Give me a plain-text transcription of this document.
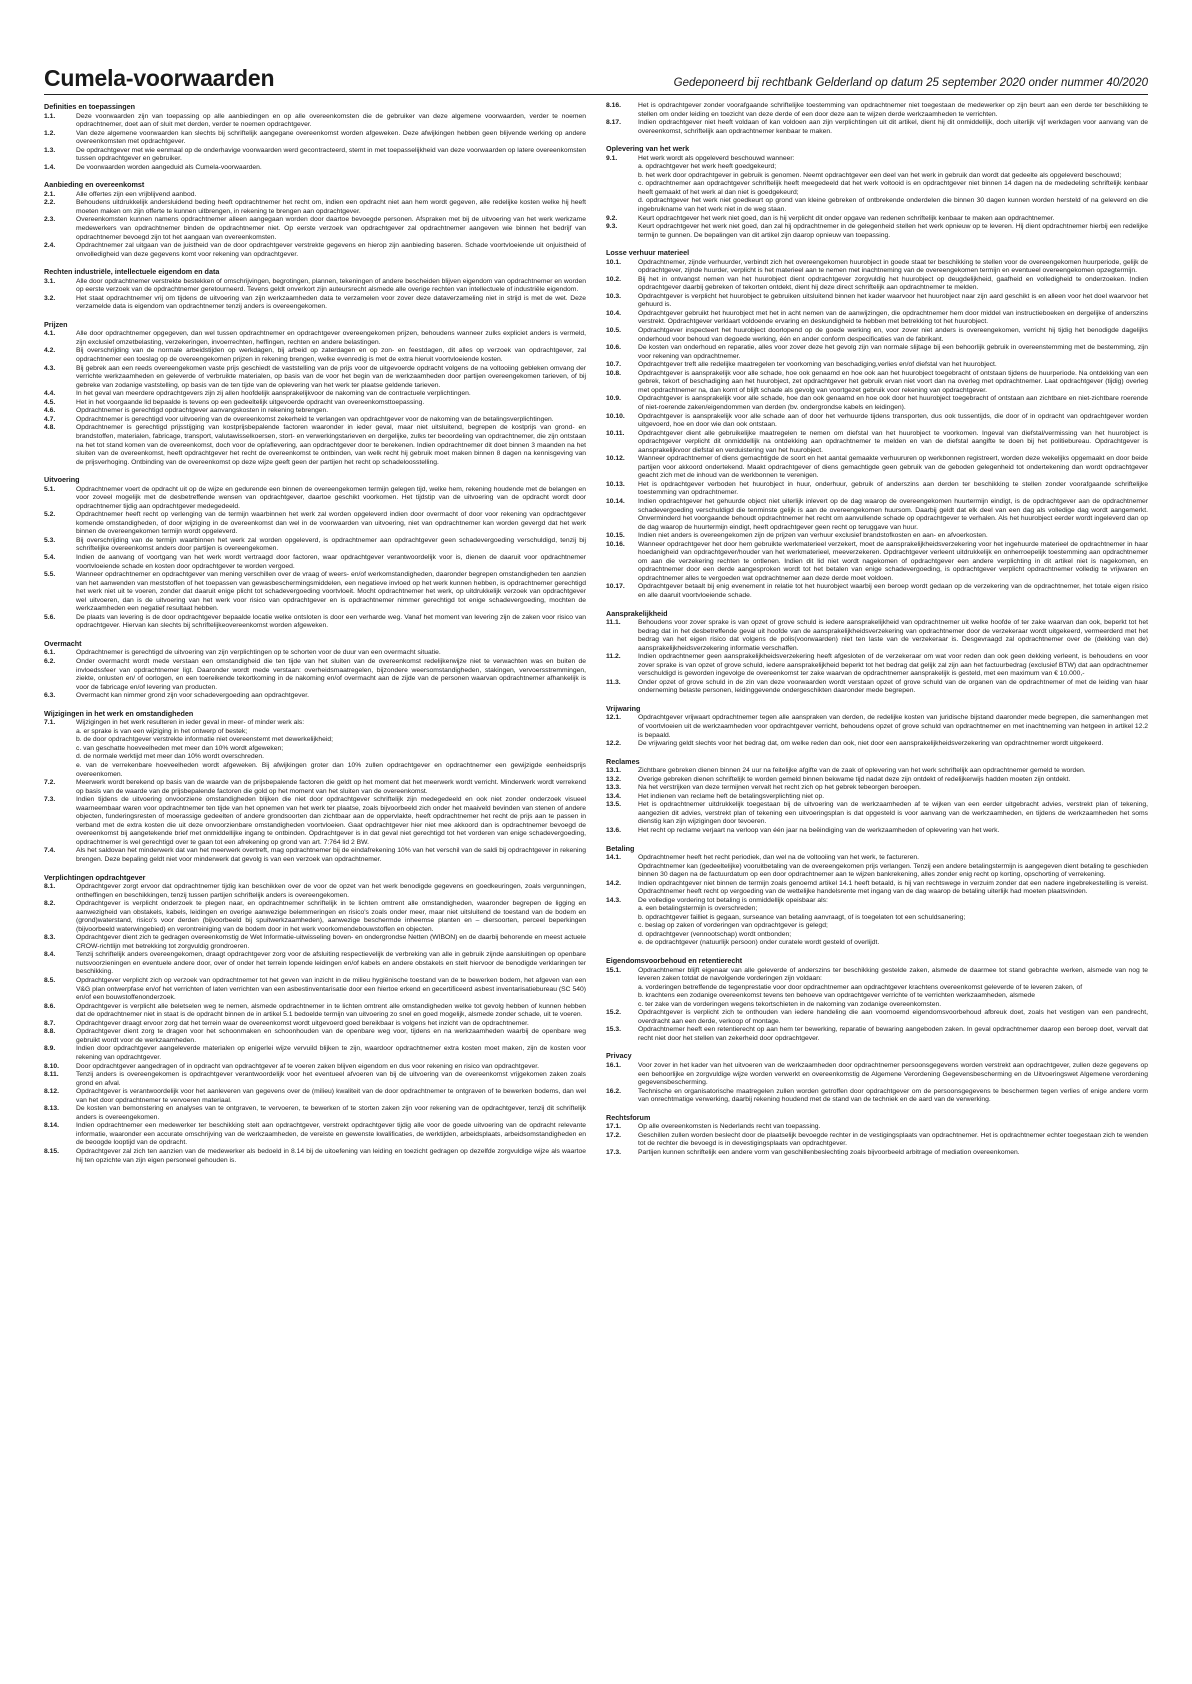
Cumela-voorwaarden	Gedeponeerd bij rechtbank Gelderland op datum 25 september 2020 onder nummer 40/2020
Definities en toepassingen
1.1.	Deze voorwaarden zijn van toepassing op alle aanbiedingen en op alle overeenkomsten die de gebruiker van deze algemene voorwaarden, verder te noemen opdrachtnemer, doet aan of sluit met derden, verder te noemen opdrachtgever.
1.2.	Van deze algemene voorwaarden kan slechts bij schriftelijk aangegane overeenkomst worden afgeweken. Deze afwijkingen hebben geen blijvende werking op andere overeenkomsten met opdrachtgever.
1.3.	De opdrachtgever met wie eenmaal op de onderhavige voorwaarden werd gecontracteerd, stemt in met toepasselijkheid van deze voorwaarden op latere overeenkomsten tussen opdrachtgever en gebruiker.
1.4.	De voorwaarden worden aangeduid als Cumela-voorwaarden.
Aanbieding en overeenkomst
2.1.	Alle offertes zijn een vrijblijvend aanbod.
2.2.	Behoudens uitdrukkelijk andersluidend beding heeft opdrachtnemer het recht om, indien een opdracht niet aan hem wordt gegeven, alle redelijke kosten welke hij heeft moeten maken om zijn offerte te kunnen uitbrengen, in rekening te brengen aan opdrachtgever.
2.3.	Overeenkomsten kunnen namens opdrachtnemer alleen aangegaan worden door daartoe bevoegde personen. Afspraken met bij de uitvoering van het werk werkzame medewerkers van opdrachtnemer binden de opdrachtnemer niet. Op eerste verzoek van opdrachtgever zal opdrachtnemer aangeven wie binnen het bedrijf van opdrachtnemer bevoegd zijn tot het aangaan van overeenkomsten.
2.4.	Opdrachtnemer zal uitgaan van de juistheid van de door opdrachtgever verstrekte gegevens en hierop zijn aanbieding baseren. Schade voortvloeiende uit onjuistheid of onvolledigheid van deze gegevens komt voor rekening van opdrachtgever.
Rechten industriële, intellectuele eigendom en data
3.1.	Alle door opdrachtnemer verstrekte bestekken of omschrijvingen, begrotingen, plannen, tekeningen of andere bescheiden blijven eigendom van opdrachtnemer en worden op eerste verzoek van de opdrachtnemer geretourneerd. Tevens geldt onverkort zijn auteursrecht alsmede alle overige rechten van intellectuele of industriële eigendom.
3.2.	Het staat opdrachtnemer vrij om tijdens de uitvoering van zijn werkzaamheden data te verzamelen voor zover deze dataverzameling niet in strijd is met de wet. Deze verzamelde data is eigendom van opdrachtnemer tenzij anders is overeengekomen.
Prijzen
4.1.	Alle door opdrachtnemer opgegeven, dan wel tussen opdrachtnemer en opdrachtgever overeengekomen prijzen, behoudens wanneer zulks expliciet anders is vermeld, zijn exclusief omzetbelasting, verzekeringen, invoerrechten, heffingen, rechten en andere belastingen.
4.2.	Bij overschrijding van de normale arbeidstijden op werkdagen, bij arbeid op zaterdagen en op zon- en feestdagen, dit alles op verzoek van opdrachtgever, zal opdrachtnemer een toeslag op de overeengekomen prijzen in rekening brengen, welke evenredig is met de extra hieruit voortvloeiende kosten.
4.3.	Bij gebrek aan een reeds overeengekomen vaste prijs geschiedt de vaststelling van de prijs voor de uitgevoerde opdracht volgens de na voltooiing gebleken omvang der verrichte werkzaamheden en geleverde of verbruikte materialen, op basis van de voor het begin van de werkzaamheden door partijen overeengekomen tarieven, of bij gebreke van zodanige vaststelling, op basis van de ten tijde van de oplevering van het werk ter plaatse geldende tarieven.
4.4.	In het geval van meerdere opdrachtgevers zijn zij allen hoofdelijk aansprakelijkvoor de nakoming van de contractuele verplichtingen.
4.5.	Het in het voorgaande lid bepaalde is tevens op een gedeeltelijk uitgevoerde opdracht van overeenkomsttoepassing.
4.6.	Opdrachtnemer is gerechtigd opdrachtgever aanvangskosten in rekening tebrengen.
4.7.	Opdrachtnemer is gerechtigd voor uitvoering van de overeenkomst zekerheid te verlangen van opdrachtgever voor de nakoming van de betalingsverplichtingen.
4.8.	Opdrachtnemer is gerechtigd prijsstijging van kostprijsbepalende factoren waaronder in ieder geval, maar niet uitsluitend, begrepen de kostprijs van grond- en brandstoffen, materialen, fabricage, transport, valutawisselkoersen, stort- en verwerkingstarieven en dergelijke, zulks ter beoordeling van opdrachtnemer, die zijn ontstaan na het tot stand komen van de overeenkomst, doch voor de op/aflevering, aan opdrachtgever door te berekenen. Indien opdrachtnemer dit doet binnen 3 maanden na het sluiten van de overeenkomst, heeft opdrachtgever het recht de overeenkomst te ontbinden, van welk recht hij gebruik moet maken binnen 8 dagen na kennisgeving van de prijsverhoging. Ontbinding van de overeenkomst op deze wijze geeft geen der partijen het recht op schadeloosstelling.
Uitvoering
5.1.	Opdrachtnemer voert de opdracht uit op de wijze en gedurende een binnen de overeengekomen termijn gelegen tijd, welke hem, rekening houdende met de belangen en voor zoveel mogelijk met de desbetreffende wensen van opdrachtgever, daartoe geschikt voorkomen. Het tijdstip van de uitvoering van de opdracht wordt door opdrachtnemer tijdig aan opdrachtgever medegedeeld.
5.2.	Opdrachtnemer heeft recht op verlenging van de termijn waarbinnen het werk zal worden opgeleverd indien door overmacht of door voor rekening van opdrachtgever komende omstandigheden, of door wijziging in de overeenkomst dan wel in de voorwaarden van uitvoering, niet van opdrachtnemer kan worden gevergd dat het werk binnen de overeengekomen termijn wordt opgeleverd.
5.3.	Bij overschrijding van de termijn waarbinnen het werk zal worden opgeleverd, is opdrachtnemer aan opdrachtgever geen schadevergoeding verschuldigd, tenzij bij schriftelijke overeenkomst anders door partijen is overeengekomen.
5.4.	Indien de aanvang of voortgang van het werk wordt vertraagd door factoren, waar opdrachtgever verantwoordelijk voor is, dienen de daaruit voor opdrachtnemer voortvloeiende schade en kosten door opdrachtgever te worden vergoed.
5.5.	Wanneer opdrachtnemer en opdrachtgever van mening verschillen over de vraag of weers- en/of werkomstandigheden, daaronder begrepen omstandigheden ten aanzien van het aanwenden van meststoffen of het toepassen van gewasbeschermingsmiddelen, een negatieve invloed op het werk kunnen hebben, is opdrachtnemer gerechtigd het werk niet uit te voeren, zonder dat daaruit enige plicht tot schadevergoeding voortvloeit. Mocht opdrachtnemer het werk, op uitdrukkelijk verzoek van opdrachtgever wel uitvoeren, dan is de uitvoering van het werk voor risico van opdrachtgever en is opdrachtnemer nimmer gerechtigd tot enige schadevergoeding, mochten de werkzaamheden een negatief resultaat hebben.
5.6.	De plaats van levering is de door opdrachtgever bepaalde locatie welke ontsloten is door een verharde weg. Vanaf het moment van levering zijn de zaken voor risico van opdrachtgever. Hiervan kan slechts bij schriftelijkeovereenkomst worden afgeweken.
Overmacht
6.1.	Opdrachtnemer is gerechtigd de uitvoering van zijn verplichtingen op te schorten voor de duur van een overmacht situatie.
6.2.	Onder overmacht wordt mede verstaan een omstandigheid die ten tijde van het sluiten van de overeenkomst redelijkerwijze niet te verwachten was en buiten de invloedssfeer van opdrachtnemer ligt. Daaronder wordt mede verstaan: overheidsmaatregelen, bijzondere weersomstandigheden, stakingen, vervoersstremmingen, ziekte, onlusten en/ of oorlogen, en een toereikende tekortkoming in de nakoming en/of overmacht aan de zijde van de personen waarvan opdrachtnemer afhankelijk is voor de fabricage en/of levering van producten.
6.3.	Overmacht kan nimmer grond zijn voor schadevergoeding aan opdrachtgever.
Wijzigingen in het werk en omstandigheden
7.1.	Wijzigingen in het werk resulteren in ieder geval in meer- of minder werk als:
a. er sprake is van een wijziging in het ontwerp of bestek;
b. de door opdrachtgever verstrekte informatie niet overeenstemt met dewerkelijkheid;
c. van geschatte hoeveelheden met meer dan 10% wordt afgeweken;
d. de normale werktijd met meer dan 10% wordt overschreden.
e. van de verrekenbare hoeveelheden wordt afgeweken. Bij afwijkingen groter dan 10% zullen opdrachtgever en opdrachtnemer een gewijzigde eenheidsprijs overeenkomen.
7.2.	Meerwerk wordt berekend op basis van de waarde van de prijsbepalende factoren die geldt op het moment dat het meerwerk wordt verricht. Minderwerk wordt verrekend op basis van de waarde van de prijsbepalende factoren die gold op het moment van het sluiten van de overeenkomst.
7.3.	Indien tijdens de uitvoering onvoorziene omstandigheden blijken die niet door opdrachtgever schriftelijk zijn medegedeeld en ook niet zonder onderzoek visueel waarneembaar waren voor opdrachtnemer ten tijde van het opnemen van het werk ter plaatse, zoals bijvoorbeeld zich onder het maaiveld bevinden van stenen of andere objecten, funderingsresten of moerassige gedeelten of andere grondsoorten dan zichtbaar aan de oppervlakte, heeft opdrachtnemer het recht de prijs aan te passen in verband met de extra kosten die uit deze onvoorzienbare omstandigheden voortvloeien. Gaat opdrachtgever hier niet mee akkoord dan is opdrachtnemer bevoegd de overeenkomst bij aangetekende brief met onmiddellijke ingang te ontbinden. Opdrachtgever is in dat geval niet gerechtigd tot het vorderen van enige schadevergoeding, opdrachtnemer is wel gerechtigd over te gaan tot een afrekening op grond van art. 7:764 lid 2 BW.
7.4.	Als het saldovan het minderwerk dat van het meerwerk overtreft, mag opdrachtnemer bij de eindafrekening 10% van het verschil van de saldi bij opdrachtgever in rekening brengen. Deze bepaling geldt niet voor minderwerk dat gevolg is van een verzoek van opdrachtnemer.
Verplichtingen opdrachtgever
8.1.	Opdrachtgever zorgt ervoor dat opdrachtnemer tijdig kan beschikken over de voor de opzet van het werk benodigde gegevens en goedkeuringen, zoals vergunningen, ontheffingen en beschikkingen, tenzij tussen partijen schriftelijk anders is overeengekomen.
8.2.	Opdrachtgever is verplicht onderzoek te plegen naar, en opdrachtnemer schriftelijk in te lichten omtrent alle omstandigheden, waaronder begrepen de ligging en aanwezigheid van obstakels, kabels, leidingen en overige aanwezige belemmeringen en risico's zoals onder meer, maar niet uitsluitend de toestand van de bodem en (grond)waterstand, risico's voor derden (bijvoorbeeld bij spuitwerkzaamheden), aanwezige beschermde inheemse planten en – diersoorten, perceel beperkingen (bijvoorbeeld waterwingebied) en verontreiniging van de bodem door in het werk voorkomendebouwstoffen en objecten.
8.3.	Opdrachtgever dient zich te gedragen overeenkomstig de Wet Informatie-uitwisseling boven- en ondergrondse Netten (WIBON) en de daarbij behorende en meest actuele CROW-richtlijn met betrekking tot zorgvuldig grondroeren.
8.4.	Tenzij schriftelijk anders overeengekomen, draagt opdrachtgever zorg voor de afsluiting respectievelijk de verbreking van alle in gebruik zijnde aansluitingen op openbare nutsvoorzieningen en eventuele andere door, over of onder het terrein lopende leidingen en/of kabels en andere obstakels en stelt hiervoor de benodigde verklaringen ter beschikking.
8.5.	Opdrachtgever verplicht zich op verzoek van opdrachtnemer tot het geven van inzicht in de milieu hygiënische toestand van de te bewerken bodem, het afgeven van een V&G plan ontwerpfase en/of het verrichten of laten verrichten van een asbestinventarisatie door een hiertoe erkend en gecertificeerd asbest inventarisatiebureau (SC 540) en/of een bouwstoffenonderzoek.
8.6.	Opdrachtgever is verplicht alle beletselen weg te nemen, alsmede opdrachtnemer in te lichten omtrent alle omstandigheden welke tot gevolg hebben of kunnen hebben dat de opdrachtnemer niet in staat is de opdracht binnen de in artikel 5.1 bedoelde termijn van uitvoering zo snel en goed mogelijk, alsmede zonder schade, uit te voeren.
8.7.	Opdrachtgever draagt ervoor zorg dat het terrein waar de overeenkomst wordt uitgevoerd goed bereikbaar is volgens het inzicht van de opdrachtnemer.
8.8.	Opdrachtgever dient zorg te dragen voor het schoonmaken en schoonhouden van de openbare weg voor, tijdens en na werkzaamheden waarbij de openbare weg gebruikt wordt voor de werkzaamheden.
8.9.	Indien door opdrachtgever aangeleverde materialen op enigerlei wijze vervuild blijken te zijn, waardoor opdrachtnemer extra kosten moet maken, zijn de kosten voor rekening van opdrachtgever.
8.10.	Door opdrachtgever aangedragen of in opdracht van opdrachtgever af te voeren zaken blijven eigendom en dus voor rekening en risico van opdrachtgever.
8.11.	Tenzij anders is overeengekomen is opdrachtgever verantwoordelijk voor het eventueel afvoeren van bij de uitvoering van de overeenkomst vrijgekomen zaken zoals grond en afval.
8.12.	Opdrachtgever is verantwoordelijk voor het aanleveren van gegevens over de (milieu) kwaliteit van de door opdrachtnemer te ontgraven of te bewerken bodems, dan wel van het door opdrachtnemer te vervoeren materiaal.
8.13.	De kosten van bemonstering en analyses van te ontgraven, te vervoeren, te bewerken of te storten zaken zijn voor rekening van de opdrachtgever, tenzij dit schriftelijk anders is overeengekomen.
8.14.	Indien opdrachtnemer een medewerker ter beschikking stelt aan opdrachtgever, verstrekt opdrachtgever tijdig alle voor de goede uitvoering van de opdracht relevante informatie, waaronder een accurate omschrijving van de werkzaamheden, de vereiste en gewenste kwalificaties, de werktijden, arbeidsplaats, arbeidsomstandigheden en de beoogde looptijd van de opdracht.
8.15.	Opdrachtgever zal zich ten aanzien van de medewerker als bedoeld in 8.14 bij de uitoefening van leiding en toezicht gedragen op dezelfde zorgvuldige wijze als waartoe hij ten opzichte van zijn eigen personeel gehouden is.
8.16.	Het is opdrachtgever zonder voorafgaande schriftelijke toestemming van opdrachtnemer niet toegestaan de medewerker op zijn beurt aan een derde ter beschikking te stellen om onder leiding en toezicht van deze derde of een door deze aan te wijzen derde werkzaamheden te verrichten.
8.17.	Indien opdrachtgever niet heeft voldaan of kan voldoen aan zijn verplichtingen uit dit artikel, dient hij dit onmiddellijk, doch uiterlijk vijf werkdagen voor aanvang van de overeenkomst, schriftelijk aan opdrachtnemer kenbaar te maken.
Oplevering van het werk
9.1.	Het werk wordt als opgeleverd beschouwd wanneer:
a. opdrachtgever het werk heeft goedgekeurd;
b. het werk door opdrachtgever in gebruik is genomen. Neemt opdrachtgever een deel van het werk in gebruik dan wordt dat gedeelte als opgeleverd beschouwd;
c. opdrachtnemer aan opdrachtgever schriftelijk heeft meegedeeld dat het werk voltooid is en opdrachtgever niet binnen 14 dagen na de mededeling schriftelijk kenbaar heeft gemaakt of het werk al dan niet is goedgekeurd;
d. opdrachtgever het werk niet goedkeurt op grond van kleine gebreken of ontbrekende onderdelen die binnen 30 dagen kunnen worden hersteld of na geleverd en die ingebruikname van het werk niet in de weg staan.
9.2.	Keurt opdrachtgever het werk niet goed, dan is hij verplicht dit onder opgave van redenen schriftelijk kenbaar te maken aan opdrachtnemer.
9.3.	Keurt opdrachtgever het werk niet goed, dan zal hij opdrachtnemer in de gelegenheid stellen het werk opnieuw op te leveren. Hij dient opdrachtnemer hierbij een redelijke termijn te gunnen. De bepalingen van dit artikel zijn daarop opnieuw van toepassing.
Losse verhuur materieel
10.1.	Opdrachtnemer, zijnde verhuurder, verbindt zich het overeengekomen huurobject in goede staat ter beschikking te stellen voor de overeengekomen huurperiode, gelijk de opdrachtgever, zijnde huurder, verplicht is het materieel aan te nemen met inachtneming van de overeengekomen termijn en eventueel overeengekomen opzegtermijn.
10.2.	Bij het in ontvangst nemen van het huurobject dient opdrachtgever zorgvuldig het huurobject op deugdelijkheid, gaafheid en volledigheid te onderzoeken. Indien opdrachtgever daarbij gebreken of tekorten ontdekt, dient hij deze direct schriftelijk aan opdrachtnemer te melden.
10.3.	Opdrachtgever is verplicht het huurobject te gebruiken uitsluitend binnen het kader waarvoor het huurobject naar zijn aard geschikt is en alleen voor het doel waarvoor het gehuurd is.
10.4.	Opdrachtgever gebruikt het huurobject met het in acht nemen van de aanwijzingen, die opdrachtnemer hem door middel van instructieboeken en dergelijke of anderszins verstrekt. Opdrachtgever verklaart voldoende ervaring en deskundigheid te hebben met betrekking tot het huurobject.
10.5.	Opdrachtgever inspecteert het huurobject doorlopend op de goede werking en, voor zover niet anders is overeengekomen, verricht hij tijdig het benodigde dagelijks onderhoud voor behoud van degoede werking, één en ander conform despecificaties van de fabrikant.
10.6.	De kosten van onderhoud en reparatie, alles voor zover deze het gevolg zijn van normale slijtage bij een behoorlijk gebruik in overeenstemming met de bestemming, zijn voor rekening van opdrachtnemer.
10.7.	Opdrachtgever treft alle redelijke maatregelen ter voorkoming van beschadiging,verlies en/of diefstal van het huurobject.
10.8.	Opdrachtgever is aansprakelijk voor alle schade, hoe ook genaamd en hoe ook aan het huurobject toegebracht of ontstaan tijdens de huurperiode. Na ontdekking van een gebrek, tekort of beschadiging aan het huurobject, zet opdrachtgever het gebruik ervan niet voort dan na overleg met opdrachtnemer. Laat opdrachtgever (tijdig) overleg met opdrachtnemer na, dan komt of blijft schade als gevolg van voortgezet gebruik voor rekening van opdrachtgever.
10.9.	Opdrachtgever is aansprakelijk voor alle schade, hoe dan ook genaamd en hoe ook door het huurobject toegebracht of ontstaan aan zichtbare en niet-zichtbare roerende of niet-roerende zaken/eigendommen van derden (bv. ondergrondse kabels en leidingen).
10.10.	Opdrachtgever is aansprakelijk voor alle schade aan of door het verhuurde tijdens transporten, dus ook tussentijds, die door of in opdracht van opdrachtgever worden uitgevoerd, hoe en door wie dan ook ontstaan.
10.11.	Opdrachtgever dient alle gebruikelijke maatregelen te nemen om diefstal van het huurobject te voorkomen. Ingeval van diefstal/vermissing van het huurobject is opdrachtgever verplicht dit onmiddellijk na ontdekking aan opdrachtnemer te melden en van de diefstal aangifte te doen bij het politiebureau. Opdrachtgever is aansprakelijkvoor diefstal en verduistering van het huurobject.
10.12.	Wanneer opdrachtnemer of diens gemachtigde de soort en het aantal gemaakte verhuururen op werkbonnen registreert, worden deze wekelijks opgemaakt en door beide partijen voor akkoord ondertekend. Maakt opdrachtgever of diens gemachtigde geen gebruik van de geboden gelegenheid tot ondertekening dan wordt opdrachtgever geacht zich met de inhoud van de werkbonnen te verenigen.
10.13.	Het is opdrachtgever verboden het huurobject in huur, onderhuur, gebruik of anderszins aan derden ter beschikking te stellen zonder voorafgaande schriftelijke toestemming van opdrachtnemer.
10.14.	Indien opdrachtgever het gehuurde object niet uiterlijk inlevert op de dag waarop de overeengekomen huurtermijn eindigt, is de opdrachtgever aan de opdrachtnemer schadevergoeding verschuldigd die tenminste gelijk is aan de overeengekomen huursom. Daarbij geldt dat elk deel van een dag als volledige dag wordt aangemerkt. Onverminderd het voorgaande behoudt opdrachtnemer het recht om aanvullende schade op opdrachtgever te verhalen. Als het huurobject eerder wordt ingeleverd dan op de dag waarop de huurtermijn eindigt, heeft opdrachtgever geen recht op teruggave van huur.
10.15.	Indien niet anders is overeengekomen zijn de prijzen van verhuur exclusief brandstofkosten en aan- en afvoerkosten.
10.16.	Wanneer opdrachtgever het door hem gebruikte werkmaterieel verzekert, moet de aansprakelijkheidsverzekering voor het ingehuurde materieel de opdrachtnemer in haar hoedanigheid van opdrachtgever/houder van het werkmaterieel, meeverzekeren. Opdrachtgever verleent uitdrukkelijk en onherroepelijk toestemming aan opdrachtnemer om aan die verzekering rechten te ontlenen. Indien dit lid niet wordt nagekomen of opdrachtgever een andere verplichting in dit artikel niet is nagekomen, en opdrachtnemer door een derde aangesproken wordt tot het betalen van enige schadevergoeding, is opdrachtgever verplicht opdrachtnemer volledig te vrijwaren en opdrachtnemer alles te vergoeden wat opdrachtnemer aan deze derde moet voldoen.
10.17.	Opdrachtgever betaalt bij enig evenement in relatie tot het huurobject waarbij een beroep wordt gedaan op de verzekering van de opdrachtnemer, het totale eigen risico en alle daaruit voortvloeiende schade.
Aansprakelijkheid
11.1.	Behoudens voor zover sprake is van opzet of grove schuld is iedere aansprakelijkheid van opdrachtnemer uit welke hoofde of ter zake waarvan dan ook, beperkt tot het bedrag dat in het desbetreffende geval uit hoofde van de aansprakelijkheidsverzekering van opdrachtnemer door de verzekeraar wordt uitgekeerd, vermeerderd met het bedrag van het eigen risico dat volgens de polis(voorwaarden) niet ten laste van de verzekeraar is. Desgevraagd zal opdrachtnemer over de (dekking van de) aansprakelijkheidsverzekering informatie verschaffen.
11.2.	Indien opdrachtnemer geen aansprakelijkheidsverzekering heeft afgesloten of de verzekeraar om wat voor reden dan ook geen dekking verleent, is behoudens en voor zover sprake is van opzet of grove schuld, iedere aansprakelijkheid beperkt tot het bedrag dat gelijk zal zijn aan het factuurbedrag (exclusief BTW) dat aan opdrachtnemer verschuldigd is geworden ingevolge de overeenkomst ter zake waarvan de opdrachtnemer aansprakelijk is gesteld, met een maximum van € 10.000,-
11.3.	Onder opzet of grove schuld in de zin van deze voorwaarden wordt verstaan opzet of grove schuld van de organen van de opdrachtnemer of met de leiding van haar onderneming belaste personen, leidinggevende ondergeschikten daaronder mede begrepen.
Vrijwaring
12.1.	Opdrachtgever vrijwaart opdrachtnemer tegen alle aanspraken van derden, de redelijke kosten van juridische bijstand daaronder mede begrepen, die samenhangen met of voortvloeien uit de werkzaamheden voor opdrachtgever verricht, behoudens opzet of grove schuld van opdrachtnemer en met inachtneming van hetgeen in artikel 12.2 is bepaald.
12.2.	De vrijwaring geldt slechts voor het bedrag dat, om welke reden dan ook, niet door een aansprakelijkheidsverzekering van opdrachtnemer wordt uitgekeerd.
Reclames
13.1.	Zichtbare gebreken dienen binnen 24 uur na feitelijke afgifte van de zaak of oplevering van het werk schriftelijk aan opdrachtnemer gemeld te worden.
13.2.	Overige gebreken dienen schriftelijk te worden gemeld binnen bekwame tijd nadat deze zijn ontdekt of redelijkerwijs hadden moeten zijn ontdekt.
13.3.	Na het verstrijken van deze termijnen vervalt het recht zich op het gebrek tebeorgen beroepen.
13.4.	Het indienen van reclame heft de betalingsverplichting niet op.
13.5.	Het is opdrachtnemer uitdrukkelijk toegestaan bij de uitvoering van de werkzaamheden af te wijken van een eerder uitgebracht advies, verstrekt plan of tekening, aangezien dit advies, verstrekt plan of tekening een uitvoeringsplan is dat opgesteld is voor aanvang van de werkzaamheden, en tijdens de werkzaamheden het soms dienstig kan zijn wijzigingen door tevoeren.
13.6.	Het recht op reclame verjaart na verloop van één jaar na beëindiging van de werkzaamheden of oplevering van het werk.
Betaling
14.1.	Opdrachtnemer heeft het recht periodiek, dan wel na de voltooiing van het werk, te factureren.
Opdrachtnemer kan (gedeeltelijke) vooruitbetaling van de overeengekomen prijs verlangen. Tenzij een andere betalingstermijn is aangegeven dient betaling te geschieden binnen 30 dagen na de factuurdatum op een door opdrachtnemer aan te wijzen bankrekening, alles zonder enig recht op korting, opschorting of verrekening.
14.2.	Indien opdrachtgever niet binnen de termijn zoals genoemd artikel 14.1 heeft betaald, is hij van rechtswege in verzuim zonder dat een nadere ingebrekestelling is vereist. Opdrachtnemer heeft recht op vergoeding van de wettelijke handelsrente met ingang van de dag waarop de betaling uiterlijk had moeten plaatsvinden.
14.3.	De volledige vordering tot betaling is onmiddellijk opeisbaar als:
a. een betalingstermijn is overschreden;
b. opdrachtgever failliet is gegaan, surseance van betaling aanvraagt, of is toegelaten tot een schuldsanering;
c. beslag op zaken of vorderingen van opdrachtgever is gelegd;
d. opdrachtgever (vennootschap) wordt ontbonden;
e. de opdrachtgever (natuurlijk persoon) onder curatele wordt gesteld of overlijdt.
Eigendomsvoorbehoud en retentierecht
15.1.	Opdrachtnemer blijft eigenaar van alle geleverde of anderszins ter beschikking gestelde zaken, alsmede de daarmee tot stand gebrachte werken, alsmede van nog te leveren zaken totdat de navolgende vorderingen zijn voldaan:
a. vorderingen betreffende de tegenprestatie voor door opdrachtnemer aan opdrachtgever krachtens overeenkomst geleverde of te leveren zaken, of
b. krachtens een zodanige overeenkomst tevens ten behoeve van opdrachtgever verrichte of te verrichten werkzaamheden, alsmede
c. ter zake van de vorderingen wegens tekortschieten in de nakoming van zodanige overeenkomsten.
15.2.	Opdrachtgever is verplicht zich te onthouden van iedere handeling die aan voornoemd eigendomsvoorbehoud afbreuk doet, zoals het vestigen van een pandrecht, overdracht aan een derde, verkoop of montage.
15.3.	Opdrachtnemer heeft een retentierecht op aan hem ter bewerking, reparatie of bewaring aangeboden zaken. In geval opdrachtnemer daarop een beroep doet, vervalt dat recht niet door het stellen van zekerheid door opdrachtgever.
Privacy
16.1.	Voor zover in het kader van het uitvoeren van de werkzaamheden door opdrachtnemer persoonsgegevens worden verstrekt aan opdrachtgever, zullen deze gegevens op een behoorlijke en zorgvuldige wijze worden verwerkt en overeenkomstig de Algemene Verordening Gegevensbescherming en de Uitvoeringswet Algemene verordening gegevensbescherming.
16.2.	Technische en organisatorische maatregelen zullen worden getroffen door opdrachtgever om de persoonsgegevens te beschermen tegen verlies of enige andere vorm van onrechtmatige verwerking, daarbij rekening houdend met de stand van de techniek en de aard van de verwerking.
Rechtsforum
17.1.	Op alle overeenkomsten is Nederlands recht van toepassing.
17.2.	Geschillen zullen worden beslecht door de plaatselijk bevoegde rechter in de vestigingsplaats van opdrachtnemer. Het is opdrachtnemer echter toegestaan zich te wenden tot de rechter die bevoegd is in devestigingsplaats van opdrachtgever.
17.3.	Partijen kunnen schriftelijk een andere vorm van geschillenbeslechting zoals bijvoorbeeld arbitrage of mediation overeenkomen.
